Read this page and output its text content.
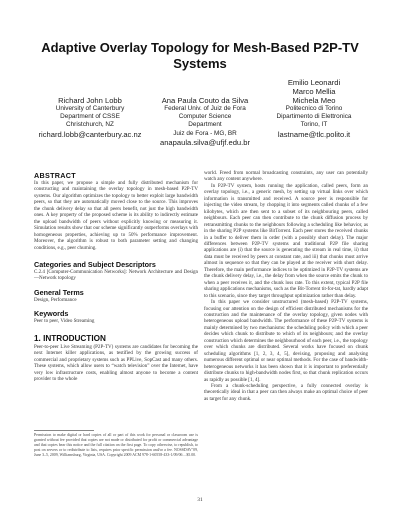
Adaptive Overlay Topology for Mesh-Based P2P-TV
Systems
Richard John Lobb
University of Canterbury
Department of CSSE
Christchurch, NZ
richard.lobb@canterbury.ac.nz
Ana Paula Couto da Silva
Federal Univ. of Juiz de Fora
Computer Science
Department
Juiz de Fora - MG, BR
anapaula.silva@ufjf.edu.br
Emilio Leonardi
Marco Mellia
Michela Meo
Politecnico di Torino
Dipartimento di Elettronica
Torino, IT
lastname@tlc.polito.it
ABSTRACT

In this paper, we propose a simple and fully distributed mechanism for constructing and maintaining the overlay topology in mesh-based P2P-TV systems. Our algorithm optimizes the topology to better exploit large bandwidth peers, so that they are automatically moved close to the source. This improves the chunk delivery delay so that all peers benefit, not just the high bandwidth ones. A key property of the proposed scheme is its ability to indirectly estimate the upload bandwidth of peers without explicitly knowing or measuring it. Simulation results show that our scheme significantly outperforms overlays with homogeneous properties, achieving up to 50% performance improvement. Moreover, the algorithm is robust to both parameter setting and changing conditions, e.g., peer churning.

Categories and Subject Descriptors

C.2.4 [Computer-Communication Networks]: Network Architecture and Design—Network topology

General Terms

Design, Performance

Keywords

Peer to peer, Video Streaming

1. INTRODUCTION

Peer-to-peer Live Streaming (P2P-TV) systems are candidates for becoming the next Internet killer applications, as testified by the growing success of commercial and proprietary systems such as PPLive, SopCast and many others. These systems, which allow users to “watch television” over the Internet, have very low infrastructure costs, enabling almost anyone to become a content provider to the whole

Permission to make digital or hard copies of all or part of this work for personal or classroom use is granted without fee provided that copies are not made or distributed for profit or commercial advantage and that copies bear this notice and the full citation on the first page. To copy otherwise, to republish, to post on servers or to redistribute to lists, requires prior specific permission and/or a fee. NOSSDAV’09, June 3–5, 2009, Williamsburg, Virginia, USA. Copyright 2009 ACM 978-1-60558-433-1/09/06 ...$5.00.

world. Freed from normal broadcasting constraints, any user can potentially watch any content anywhere.

In P2P-TV system, hosts running the application, called peers, form an overlay topology, i.e., a generic mesh, by setting up virtual links over which information is transmitted and received. A source peer is responsible for injecting the video stream, by chopping it into segments called chunks of a few kilobytes, which are then sent to a subset of its neighbouring peers, called neighbours. Each peer can then contribute to the chunk diffusion process by retransmitting chunks to the neighbours following a scheduling like behavior, as in the sharing P2P systems like BitTorrent. Each peer stores the received chunks in a buffer to deliver them in order (with a possibly short delay). The major differences between P2P-TV systems and traditional P2P file sharing applications are (i) that the source is generating the stream in real time, ii) that data must be received by peers at constant rate, and iii) that chunks must arrive almost in sequence so that they can be played at the receiver with short delay. Therefore, the main performance indices to be optimized in P2P-TV systems are the chunk delivery delay, i.e., the delay from when the source emits the chunk to when a peer receives it, and the chunk loss rate. To this extent, typical P2P file sharing applications mechanisms, such as the Bit-Torrent tit-for-tat, hardly adapt to this scenario, since they target throughput optimization rather than delay.

In this paper we consider unstructured (mesh-based) P2P-TV systems, focusing our attention on the design of efficient distributed mechanisms for the construction and the maintenance of the overlay topology, given nodes with heterogeneous upload bandwidth. The performance of these P2P-TV systems is mainly determined by two mechanisms: the scheduling policy with which a peer decides which chunk to distribute to which of its neighbours; and the overlay construction which determines the neighbourhood of each peer, i.e., the topology over which chunks are distributed. Several works have focused on chunk scheduling algorithms [1, 2, 3, 4, 5], devising, proposing and analysing numerous different optimal or near optimal methods. For the case of bandwidth-heterogeneous networks it has been shown that it is important to preferentially distribute chunks to high-bandwidth nodes first, so that chunk replication occurs as rapidly as possible [1, 4].

From a chunk-scheduling perspective, a fully connected overlay is theoretically ideal in that a peer can then always make an optimal choice of peer as target for any chunk.

31
